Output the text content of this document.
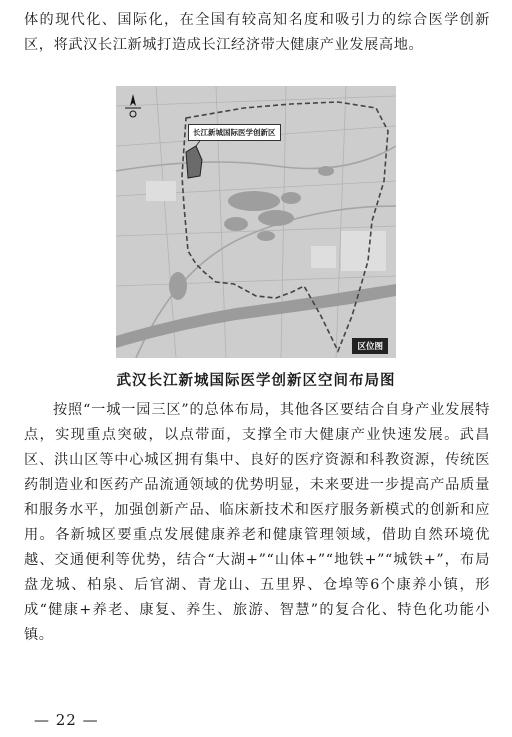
体的现代化、国际化，在全国有较高知名度和吸引力的综合医学创新区，将武汉长江新城打造成长江经济带大健康产业发展高地。

长江新城国际医学创新区
区位图
武汉长江新城国际医学创新区空间布局图

按照“一城一园三区”的总体布局，其他各区要结合自身产业发展特点，实现重点突破，以点带面，支撑全市大健康产业快速发展。武昌区、洪山区等中心城区拥有集中、良好的医疗资源和科教资源，传统医药制造业和医药产品流通领域的优势明显，未来要进一步提高产品质量和服务水平，加强创新产品、临床新技术和医疗服务新模式的创新和应用。各新城区要重点发展健康养老和健康管理领域，借助自然环境优越、交通便利等优势，结合“大湖+”“山体+”“地铁+”“城铁+”，布局盘龙城、柏泉、后官湖、青龙山、五里界、仓埠等6个康养小镇，形成“健康+养老、康复、养生、旅游、智慧”的复合化、特色化功能小镇。

— 22 —
